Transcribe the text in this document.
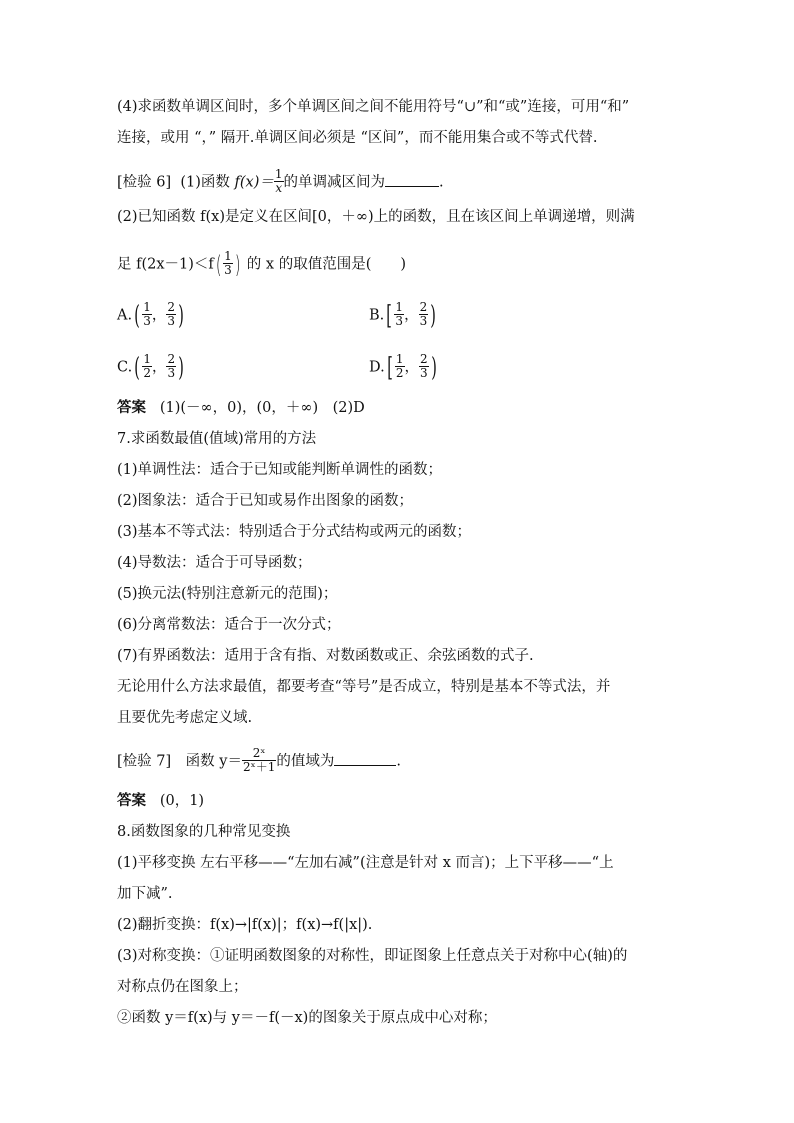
(4)求函数单调区间时，多个单调区间之间不能用符号“∪”和“或”连接，可用“和”
连接，或用 “，” 隔开.单调区间必须是 “区间”，而不能用集合或不等式代替.
[检验 6] (1)函数 $f(x)= \frac{1}{x}$ 的单调减区间为	.
(2)已知函数 f(x)是定义在区间[0，＋∞)上的函数，且在该区间上单调递增，则满
足 $f(2x-1)<f( \frac{1}{3}$ ) 的 x 的取值范围是(　　)
$A.( \frac{1}{3}$ ， $\frac{2}{3}$ )	$B.[ \frac{1}{3}$ ， $\frac{2}{3}$ )
$C.( \frac{1}{2}$ ， $\frac{2}{3}$ )	$D.[ \frac{1}{2}$ ， $\frac{2}{3}$ )
答案 (1)(－∞，0)，(0，＋∞)　(2)D
7.求函数最值(值域)常用的方法
(1)单调性法：适合于已知或能判断单调性的函数；
(2)图象法：适合于已知或易作出图象的函数；
(3)基本不等式法：特别适合于分式结构或两元的函数；
(4)导数法：适合于可导函数；
(5)换元法(特别注意新元的范围)；
(6)分离常数法：适合于一次分式；
(7)有界函数法：适用于含有指、对数函数或正、余弦函数的式子.
无论用什么方法求最值，都要考查“等号”是否成立，特别是基本不等式法，并
且要优先考虑定义域.
[检验 7]　函数 $y= \frac{\text{2ˣ}}{\text{2ˣ＋1}}$ 的值域为	.
答案 (0，1)
8.函数图象的几种常见变换
(1)平移变换 左右平移——“左加右减”(注意是针对 x 而言)；上下平移——“上
加下减”.
(2)翻折变换：f(x)→|f(x)|；f(x)→f(|x|).
(3)对称变换：①证明函数图象的对称性，即证图象上任意点关于对称中心(轴)的
对称点仍在图象上；
②函数 y＝f(x)与 y＝－f(－x)的图象关于原点成中心对称；
